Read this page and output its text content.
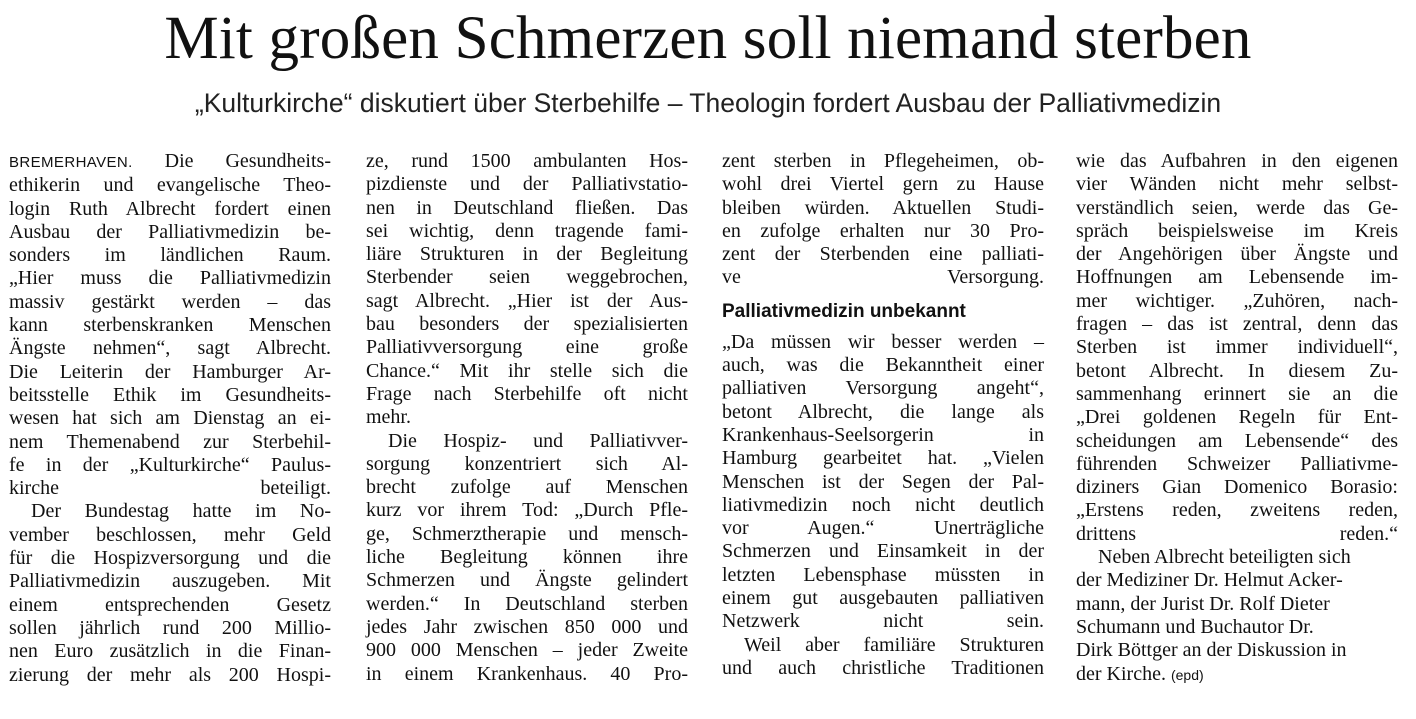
Mit großen Schmerzen soll niemand sterben
„Kulturkirche“ diskutiert über Sterbehilfe – Theologin fordert Ausbau der Palliativmedizin

BREMERHAVEN. Die Gesundheits-
ethikerin und evangelische Theo-
login Ruth Albrecht fordert einen
Ausbau der Palliativmedizin be-
sonders im ländlichen Raum.
„Hier muss die Palliativmedizin
massiv gestärkt werden – das
kann sterbenskranken Menschen
Ängste nehmen“, sagt Albrecht.
Die Leiterin der Hamburger Ar-
beitsstelle Ethik im Gesundheits-
wesen hat sich am Dienstag an ei-
nem Themenabend zur Sterbehil-
fe in der „Kulturkirche“ Paulus-
kirche beteiligt.

Der Bundestag hatte im No-
vember beschlossen, mehr Geld
für die Hospizversorgung und die
Palliativmedizin auszugeben. Mit
einem entsprechenden Gesetz
sollen jährlich rund 200 Millio-
nen Euro zusätzlich in die Finan-
zierung der mehr als 200 Hospi-

ze, rund 1500 ambulanten Hos-
pizdienste und der Palliativstatio-
nen in Deutschland fließen. Das
sei wichtig, denn tragende fami-
liäre Strukturen in der Begleitung
Sterbender seien weggebrochen,
sagt Albrecht. „Hier ist der Aus-
bau besonders der spezialisierten
Palliativversorgung eine große
Chance.“ Mit ihr stelle sich die
Frage nach Sterbehilfe oft nicht
mehr.

Die Hospiz- und Palliativver-
sorgung konzentriert sich Al-
brecht zufolge auf Menschen
kurz vor ihrem Tod: „Durch Pfle-
ge, Schmerztherapie und mensch-
liche Begleitung können ihre
Schmerzen und Ängste gelindert
werden.“ In Deutschland sterben
jedes Jahr zwischen 850 000 und
900 000 Menschen – jeder Zweite
in einem Krankenhaus. 40 Pro-

zent sterben in Pflegeheimen, ob-
wohl drei Viertel gern zu Hause
bleiben würden. Aktuellen Studi-
en zufolge erhalten nur 30 Pro-
zent der Sterbenden eine palliati-
ve Versorgung.

Palliativmedizin unbekannt

„Da müssen wir besser werden –
auch, was die Bekanntheit einer
palliativen Versorgung angeht“,
betont Albrecht, die lange als
Krankenhaus-Seelsorgerin in
Hamburg gearbeitet hat. „Vielen
Menschen ist der Segen der Pal-
liativmedizin noch nicht deutlich
vor Augen.“ Unerträgliche
Schmerzen und Einsamkeit in der
letzten Lebensphase müssten in
einem gut ausgebauten palliativen
Netzwerk nicht sein.

Weil aber familiäre Strukturen
und auch christliche Traditionen

wie das Aufbahren in den eigenen
vier Wänden nicht mehr selbst-
verständlich seien, werde das Ge-
spräch beispielsweise im Kreis
der Angehörigen über Ängste und
Hoffnungen am Lebensende im-
mer wichtiger. „Zuhören, nach-
fragen – das ist zentral, denn das
Sterben ist immer individuell“,
betont Albrecht. In diesem Zu-
sammenhang erinnert sie an die
„Drei goldenen Regeln für Ent-
scheidungen am Lebensende“ des
führenden Schweizer Palliativme-
diziners Gian Domenico Borasio:
„Erstens reden, zweitens reden,
drittens reden.“

Neben Albrecht beteiligten sich
der Mediziner Dr. Helmut Acker-
mann, der Jurist Dr. Rolf Dieter
Schumann und Buchautor Dr.
Dirk Böttger an der Diskussion in
der Kirche. (epd)
